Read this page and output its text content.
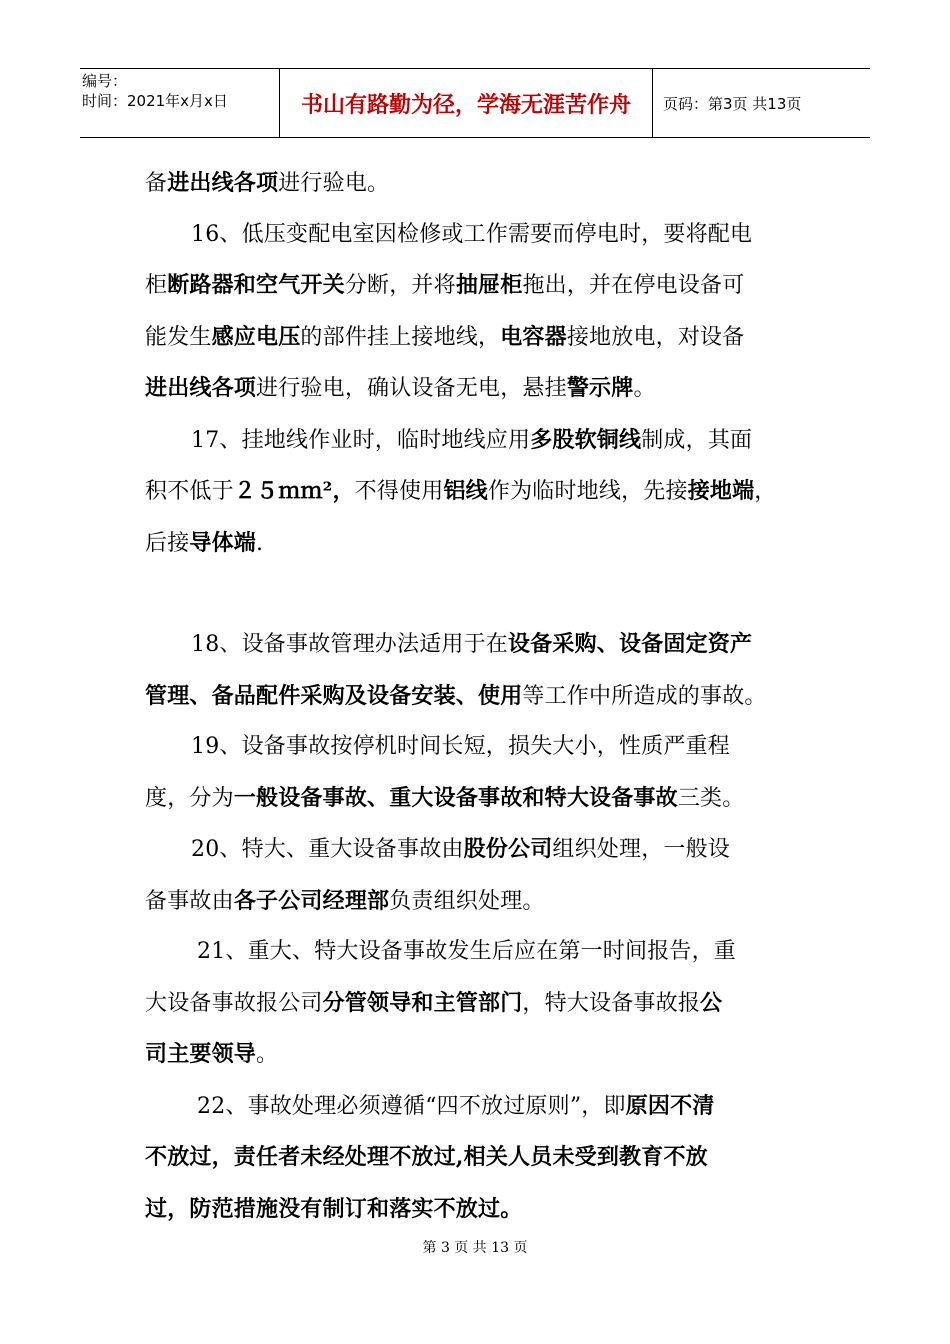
编号：
时间：2021年x月x日	书山有路勤为径，学海无涯苦作舟	页码：第3页 共13页

备进出线各项进行验电。

16、低压变配电室因检修或工作需要而停电时，要将配电

柜断路器和空气开关分断，并将抽屉柜拖出，并在停电设备可

能发生感应电压的部件挂上接地线，电容器接地放电，对设备

进出线各项进行验电，确认设备无电，悬挂警示牌。

17、挂地线作业时，临时地线应用多股软铜线制成，其面

积不低于２５ｍｍ²，不得使用铝线作为临时地线，先接接地端，

后接导体端.

18、设备事故管理办法适用于在设备采购、设备固定资产

管理、备品配件采购及设备安装、使用等工作中所造成的事故。

19、设备事故按停机时间长短，损失大小，性质严重程

度，分为一般设备事故、重大设备事故和特大设备事故三类。

20、特大、重大设备事故由股份公司组织处理，一般设

备事故由各子公司经理部负责组织处理。

21、重大、特大设备事故发生后应在第一时间报告，重

大设备事故报公司分管领导和主管部门，特大设备事故报公

司主要领导。

22、事故处理必须遵循“四不放过原则”，即原因不清

不放过，责任者未经处理不放过,相关人员未受到教育不放

过，防范措施没有制订和落实不放过。

第 3 页 共 13 页
